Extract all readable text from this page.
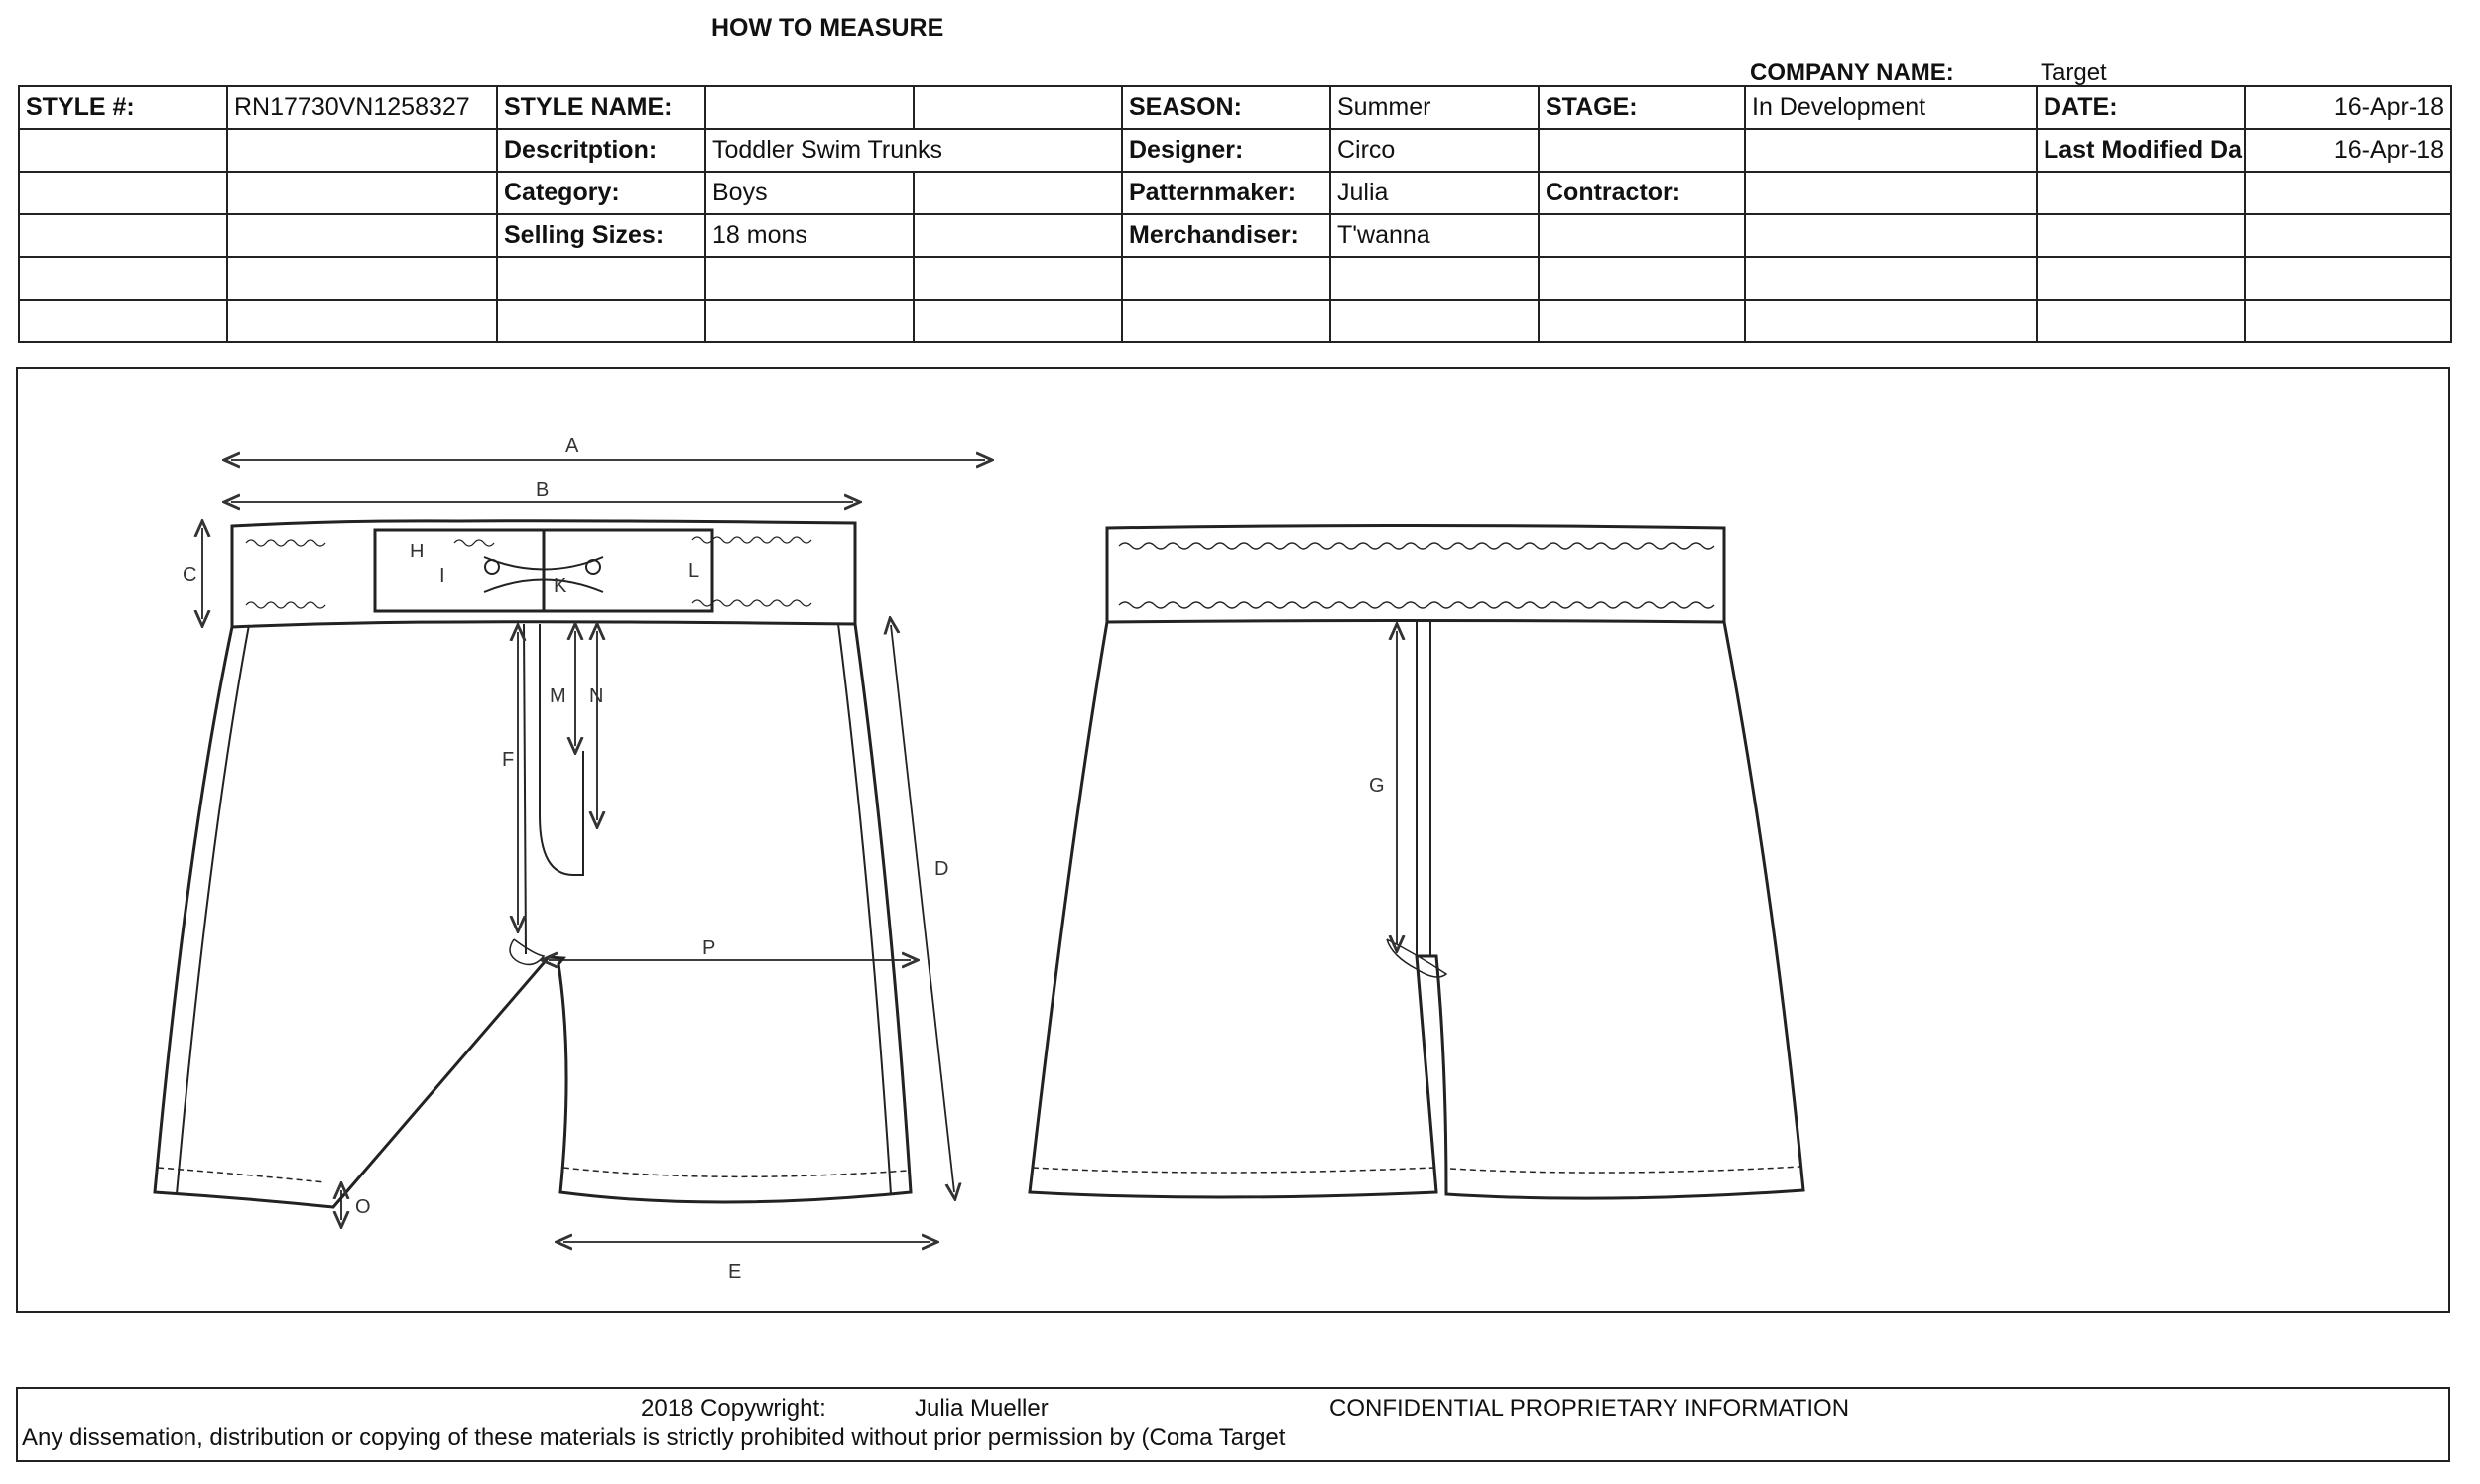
HOW TO MEASURE
COMPANY NAME:	Target
STYLE #:	RN17730VN1258327	STYLE NAME:			SEASON:	Summer	STAGE:	In Development	DATE:	16-Apr-18
		Descritption:	Toddler Swim Trunks		Designer:	Circo			Last Modified Da	16-Apr-18
		Category:	Boys		Patternmaker:	Julia	Contractor:			
		Selling Sizes:	18 mons		Merchandiser:	T'wanna				

A
B
C
H
I	K
L
M N
F
D
P
O
E
G
2018 Copywright:	Julia Mueller	CONFIDENTIAL PROPRIETARY INFORMATION
Any dissemation, distribution or copying of these materials is strictly prohibited without prior permission by (Coma Target
